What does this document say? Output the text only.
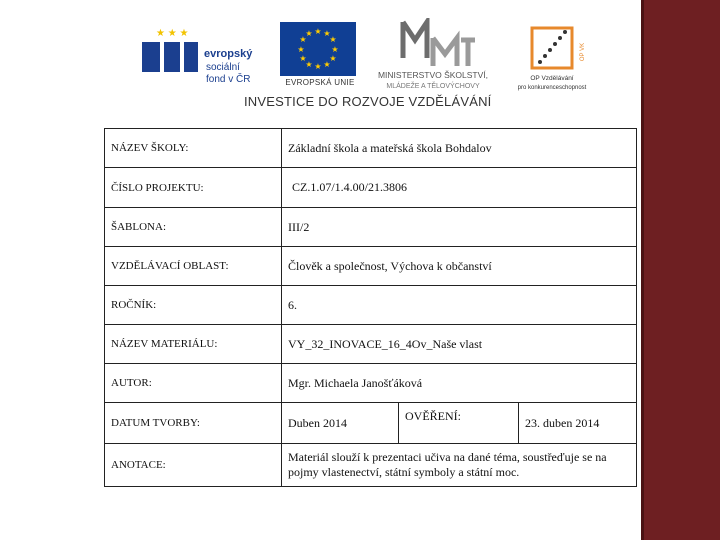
★ ★ ★
evropský
sociální
fond v ČR
★ ★
★
★
★
★
★
★
★
★
★
★
EVROPSKÁ UNIE
MINISTERSTVO ŠKOLSTVÍ,
MLÁDEŽE A TĚLOVÝCHOVY
OP VK
OP Vzdělávání
pro konkurenceschopnost
INVESTICE DO ROZVOJE VZDĚLÁVÁNÍ
NÁZEV ŠKOLY:	Základní škola a mateřská škola Bohdalov		
ČÍSLO PROJEKTU:	CZ.1.07/1.4.00/21.3806		
ŠABLONA:	III/2		
VZDĚLÁVACÍ OBLAST:	Člověk a společnost, Výchova k občanství		
ROČNÍK:	6.		
NÁZEV MATERIÁLU:	VY_32_INOVACE_16_4Ov_Naše vlast		
AUTOR:	Mgr. Michaela Janošťáková		
DATUM TVORBY:	Duben 2014	OVĚŘENÍ:	23. duben 2014
ANOTACE:	Materiál slouží k prezentaci učiva na dané téma, soustřeďuje se na pojmy vlastenectví, státní symboly a státní moc.		
